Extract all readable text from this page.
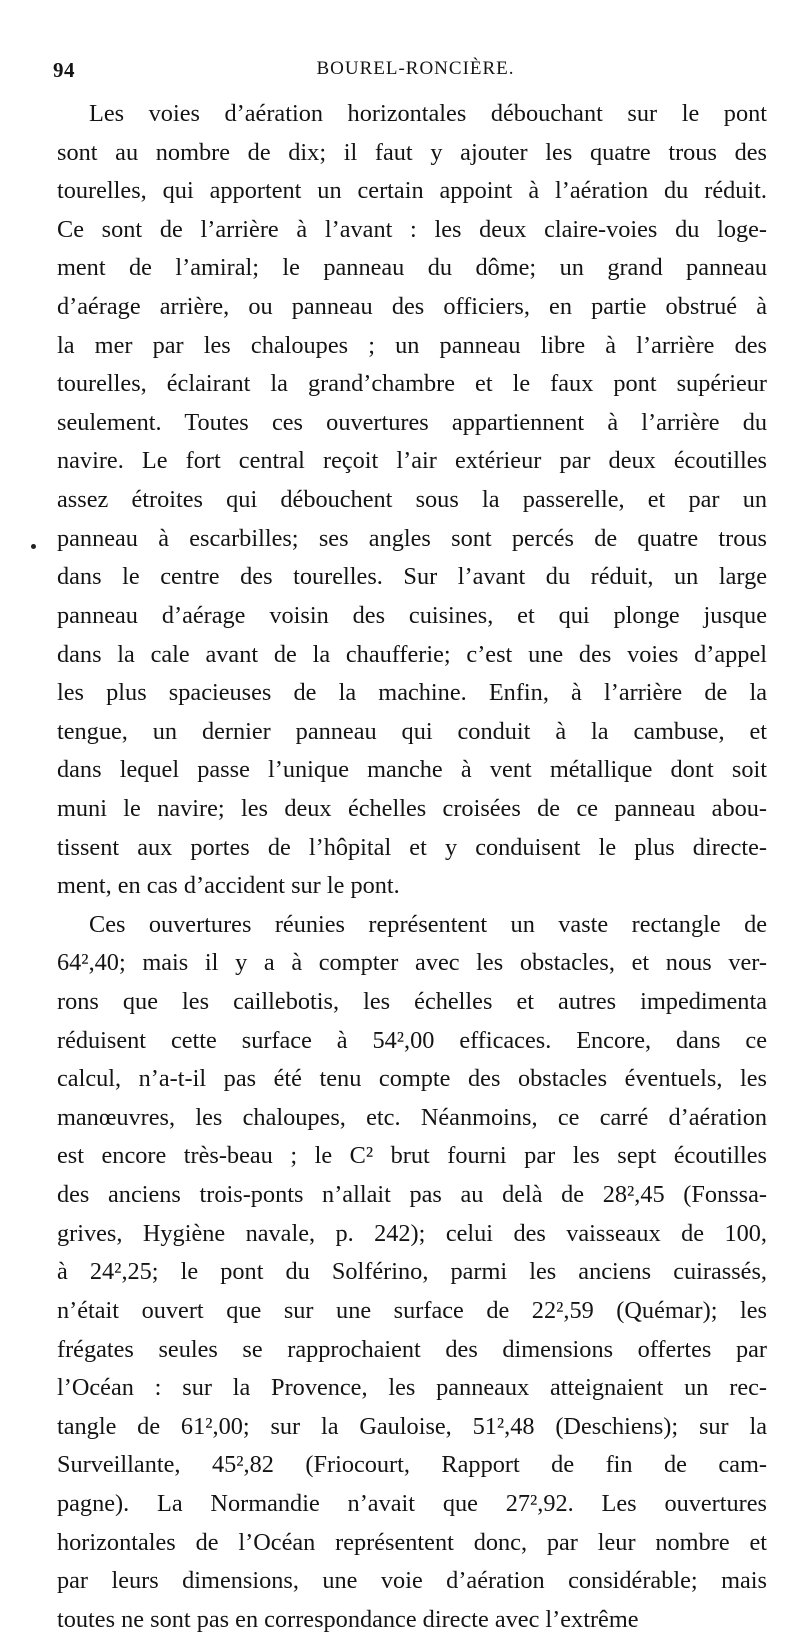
94	BOUREL-RONCIÈRE.
Les voies d’aération horizontales débouchant sur le pont
sont au nombre de dix; il faut y ajouter les quatre trous des
tourelles, qui apportent un certain appoint à l’aération du réduit.
Ce sont de l’arrière à l’avant : les deux claire-voies du loge-
ment de l’amiral; le panneau du dôme; un grand panneau
d’aérage arrière, ou panneau des officiers, en partie obstrué à
la mer par les chaloupes ; un panneau libre à l’arrière des
tourelles, éclairant la grand’chambre et le faux pont supérieur
seulement. Toutes ces ouvertures appartiennent à l’arrière du
navire. Le fort central reçoit l’air extérieur par deux écoutilles
assez étroites qui débouchent sous la passerelle, et par un
panneau à escarbilles; ses angles sont percés de quatre trous
dans le centre des tourelles. Sur l’avant du réduit, un large
panneau d’aérage voisin des cuisines, et qui plonge jusque
dans la cale avant de la chaufferie; c’est une des voies d’appel
les plus spacieuses de la machine. Enfin, à l’arrière de la
tengue, un dernier panneau qui conduit à la cambuse, et
dans lequel passe l’unique manche à vent métallique dont soit
muni le navire; les deux échelles croisées de ce panneau abou-
tissent aux portes de l’hôpital et y conduisent le plus directe-
ment, en cas d’accident sur le pont.
Ces ouvertures réunies représentent un vaste rectangle de
64²,40; mais il y a à compter avec les obstacles, et nous ver-
rons que les caillebotis, les échelles et autres impedimenta
réduisent cette surface à 54²,00 efficaces. Encore, dans ce
calcul, n’a-t-il pas été tenu compte des obstacles éventuels, les
manœuvres, les chaloupes, etc. Néanmoins, ce carré d’aération
est encore très-beau ; le C² brut fourni par les sept écoutilles
des anciens trois-ponts n’allait pas au delà de 28²,45 (Fonssa-
grives, Hygiène navale, p. 242); celui des vaisseaux de 100,
à 24²,25; le pont du Solférino, parmi les anciens cuirassés,
n’était ouvert que sur une surface de 22²,59 (Quémar); les
frégates seules se rapprochaient des dimensions offertes par
l’Océan : sur la Provence, les panneaux atteignaient un rec-
tangle de 61²,00; sur la Gauloise, 51²,48 (Deschiens); sur la
Surveillante, 45²,82 (Friocourt, Rapport de fin de cam-
pagne). La Normandie n’avait que 27²,92. Les ouvertures
horizontales de l’Océan représentent donc, par leur nombre et
par leurs dimensions, une voie d’aération considérable; mais
toutes ne sont pas en correspondance directe avec l’extrême
